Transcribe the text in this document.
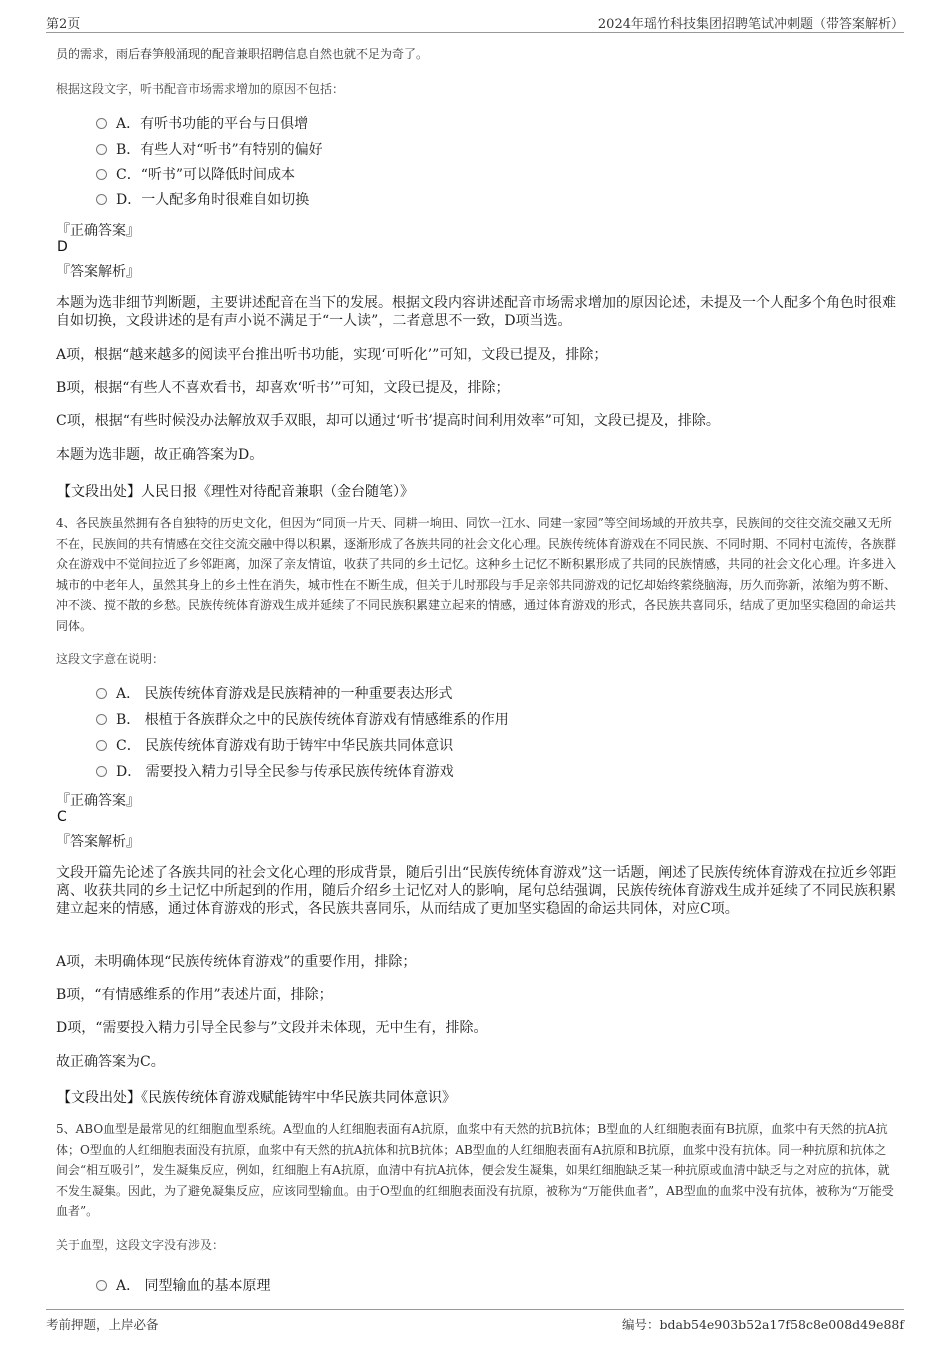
第2页	2024年瑶竹科技集团招聘笔试冲刺题（带答案解析）
员的需求，雨后春笋般涌现的配音兼职招聘信息自然也就不足为奇了。
根据这段文字，听书配音市场需求增加的原因不包括：
A．有听书功能的平台与日俱增
B．有些人对“听书”有特别的偏好
C．“听书”可以降低时间成本
D．一人配多角时很难自如切换
『正确答案』
D
『答案解析』
本题为选非细节判断题，主要讲述配音在当下的发展。根据文段内容讲述配音市场需求增加的原因论述，未提及一个人配多个角色时很难自如切换，文段讲述的是有声小说不满足于“一人读”，二者意思不一致，D项当选。
A项，根据“越来越多的阅读平台推出听书功能，实现‘可听化’”可知，文段已提及，排除；
B项，根据“有些人不喜欢看书，却喜欢‘听书’”可知，文段已提及，排除；
C项，根据“有些时候没办法解放双手双眼，却可以通过‘听书’提高时间利用效率”可知，文段已提及，排除。
本题为选非题，故正确答案为D。
【文段出处】人民日报《理性对待配音兼职（金台随笔）》
4、各民族虽然拥有各自独特的历史文化，但因为“同顶一片天、同耕一垧田、同饮一江水、同建一家园”等空间场域的开放共享，民族间的交往交流交融又无所不在，民族间的共有情感在交往交流交融中得以积累，逐渐形成了各族共同的社会文化心理。民族传统体育游戏在不同民族、不同时期、不同村屯流传，各族群众在游戏中不觉间拉近了乡邻距离，加深了亲友情谊，收获了共同的乡土记忆。这种乡土记忆不断积累形成了共同的民族情感，共同的社会文化心理。许多进入城市的中老年人，虽然其身上的乡土性在消失，城市性在不断生成，但关于儿时那段与手足亲邻共同游戏的记忆却始终萦绕脑海，历久而弥新，浓缩为剪不断、冲不淡、搅不散的乡愁。民族传统体育游戏生成并延续了不同民族积累建立起来的情感，通过体育游戏的形式，各民族共喜同乐，结成了更加坚实稳固的命运共同体。
这段文字意在说明：
A． 民族传统体育游戏是民族精神的一种重要表达形式
B． 根植于各族群众之中的民族传统体育游戏有情感维系的作用
C． 民族传统体育游戏有助于铸牢中华民族共同体意识
D． 需要投入精力引导全民参与传承民族传统体育游戏
『正确答案』
C
『答案解析』
文段开篇先论述了各族共同的社会文化心理的形成背景，随后引出“民族传统体育游戏”这一话题，阐述了民族传统体育游戏在拉近乡邻距离、收获共同的乡土记忆中所起到的作用，随后介绍乡土记忆对人的影响，尾句总结强调，民族传统体育游戏生成并延续了不同民族积累建立起来的情感，通过体育游戏的形式，各民族共喜同乐，从而结成了更加坚实稳固的命运共同体，对应C项。
A项，未明确体现“民族传统体育游戏”的重要作用，排除；
B项，“有情感维系的作用”表述片面，排除；
D项，“需要投入精力引导全民参与”文段并未体现，无中生有，排除。
故正确答案为C。
【文段出处】《民族传统体育游戏赋能铸牢中华民族共同体意识》
5、ABO血型是最常见的红细胞血型系统。A型血的人红细胞表面有A抗原，血浆中有天然的抗B抗体；B型血的人红细胞表面有B抗原，血浆中有天然的抗A抗体；O型血的人红细胞表面没有抗原，血浆中有天然的抗A抗体和抗B抗体；AB型血的人红细胞表面有A抗原和B抗原，血浆中没有抗体。同一种抗原和抗体之间会“相互吸引”，发生凝集反应，例如，红细胞上有A抗原，血清中有抗A抗体，便会发生凝集，如果红细胞缺乏某一种抗原或血清中缺乏与之对应的抗体，就不发生凝集。因此，为了避免凝集反应，应该同型输血。由于O型血的红细胞表面没有抗原，被称为“万能供血者”，AB型血的血浆中没有抗体，被称为“万能受血者”。
关于血型，这段文字没有涉及：
A． 同型输血的基本原理
考前押题，上岸必备	编号：bdab54e903b52a17f58c8e008d49e88f
